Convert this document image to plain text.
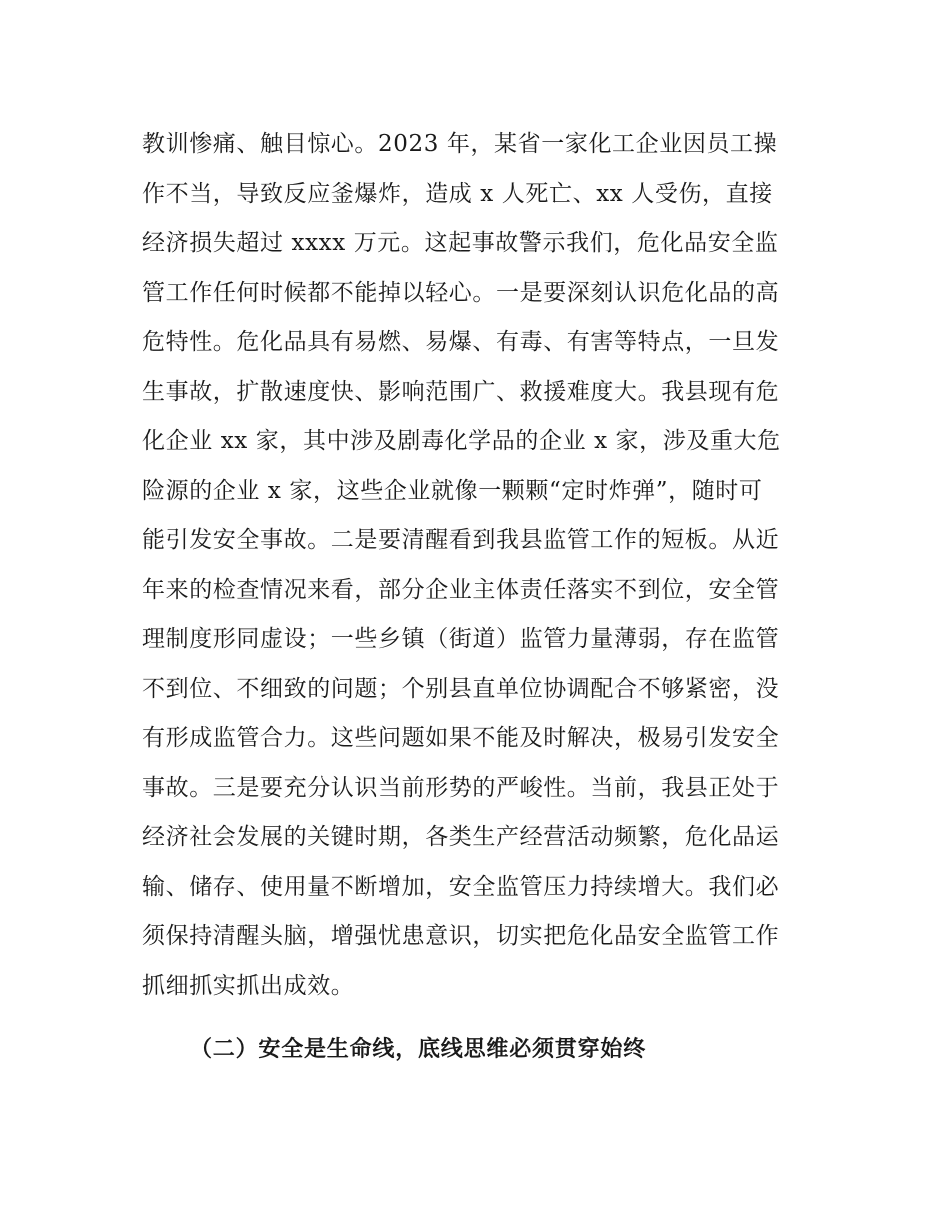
教训惨痛、触目惊心。2023 年，某省一家化工企业因员工操
作不当，导致反应釜爆炸，造成 x 人死亡、xx 人受伤，直接
经济损失超过 xxxx 万元。这起事故警示我们，危化品安全监
管工作任何时候都不能掉以轻心。一是要深刻认识危化品的高
危特性。危化品具有易燃、易爆、有毒、有害等特点，一旦发
生事故，扩散速度快、影响范围广、救援难度大。我县现有危
化企业 xx 家，其中涉及剧毒化学品的企业 x 家，涉及重大危
险源的企业 x 家，这些企业就像一颗颗“定时炸弹”，随时可
能引发安全事故。二是要清醒看到我县监管工作的短板。从近
年来的检查情况来看，部分企业主体责任落实不到位，安全管
理制度形同虚设；一些乡镇（街道）监管力量薄弱，存在监管
不到位、不细致的问题；个别县直单位协调配合不够紧密，没
有形成监管合力。这些问题如果不能及时解决，极易引发安全
事故。三是要充分认识当前形势的严峻性。当前，我县正处于
经济社会发展的关键时期，各类生产经营活动频繁，危化品运
输、储存、使用量不断增加，安全监管压力持续增大。我们必
须保持清醒头脑，增强忧患意识，切实把危化品安全监管工作
抓细抓实抓出成效。
（二）安全是生命线，底线思维必须贯穿始终
